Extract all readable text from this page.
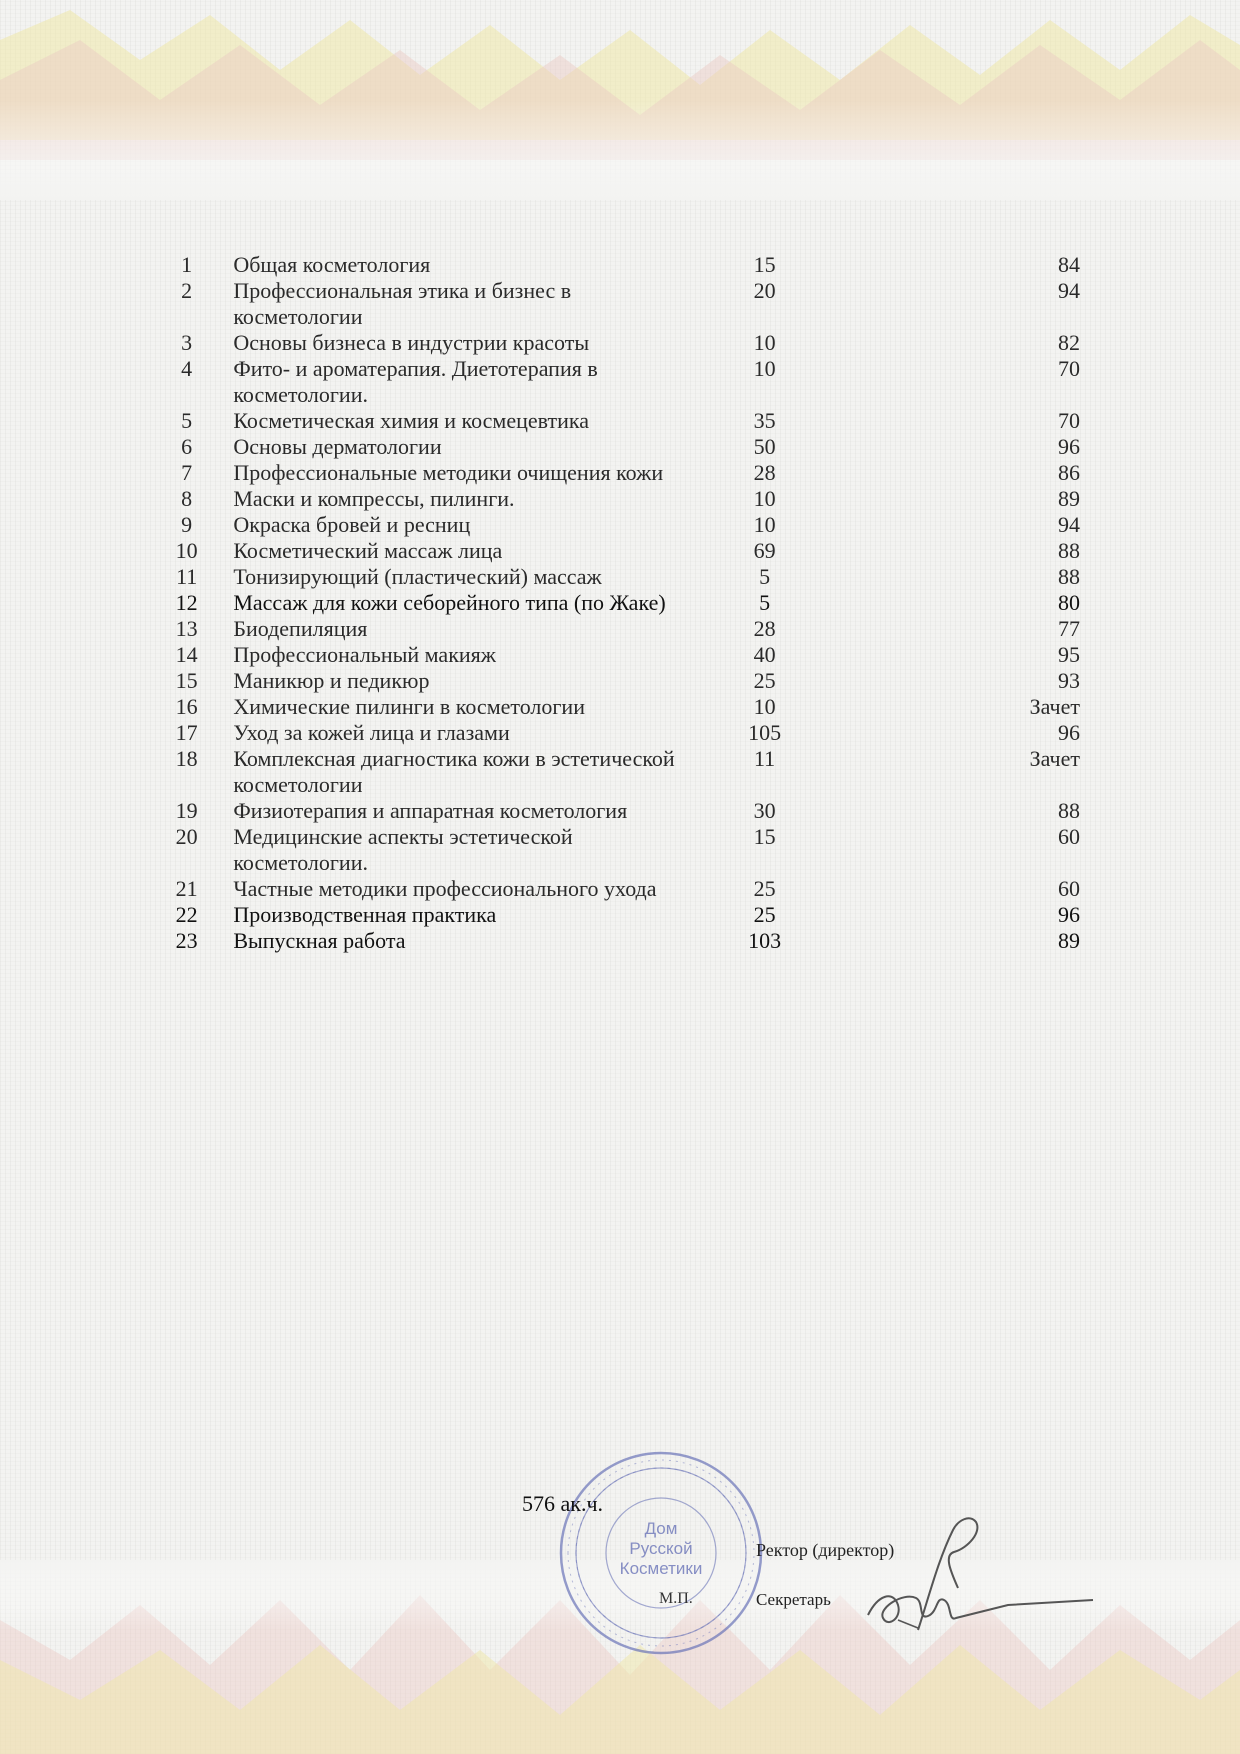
1	Общая косметология	15	84
2	Профессиональная этика и бизнес в косметологии	20	94
3	Основы бизнеса в индустрии красоты	10	82
4	Фито- и ароматерапия. Диетотерапия в косметологии.	10	70
5	Косметическая химия и космецевтика	35	70
6	Основы дерматологии	50	96
7	Профессиональные методики очищения кожи	28	86
8	Маски и компрессы, пилинги.	10	89
9	Окраска бровей и ресниц	10	94
10	Косметический массаж лица	69	88
11	Тонизирующий (пластический) массаж	5	88
12	Массаж для кожи себорейного типа (по Жаке)	5	80
13	Биодепиляция	28	77
14	Профессиональный макияж	40	95
15	Маникюр и педикюр	25	93
16	Химические пилинги в косметологии	10	Зачет
17	Уход за кожей лица и глазами	105	96
18	Комплексная диагностика кожи в эстетической косметологии	11	Зачет
19	Физиотерапия и аппаратная косметология	30	88
20	Медицинские аспекты эстетической косметологии.	15	60
21	Частные методики профессионального ухода	25	60
22	Производственная практика	25	96
23	Выпускная работа	103	89
576 ак.ч.
Дом
Русской
Косметики
М.П.
Ректор (директор)
Секретарь
